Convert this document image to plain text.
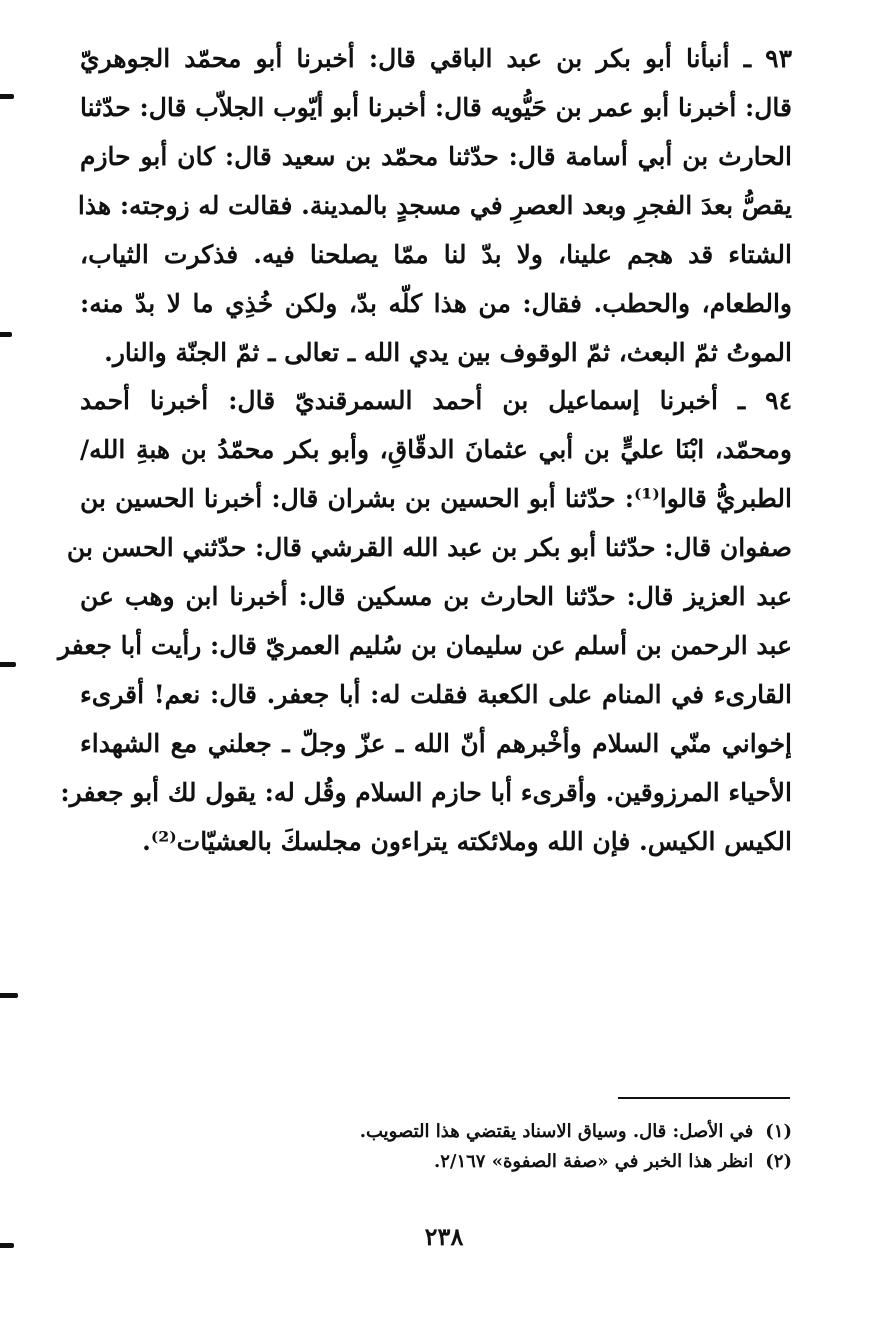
٩٣ ـ أنبأنا أبو بكر بن عبد الباقي قال: أخبرنا أبو محمّد الجوهريّ
قال: أخبرنا أبو عمر بن حَيُّويه قال: أخبرنا أبو أيّوب الجلاّب قال: حدّثنا
الحارث بن أبي أسامة قال: حدّثنا محمّد بن سعيد قال: كان أبو حازم
يقصُّ بعدَ الفجرِ وبعد العصرِ في مسجدٍ بالمدينة. فقالت له زوجته: هذا
الشتاء قد هجم علينا، ولا بدّ لنا ممّا يصلحنا فيه. فذكرت الثياب،
والطعام، والحطب. فقال: من هذا كلّه بدّ، ولكن خُذِي ما لا بدّ منه:
الموتُ ثمّ البعث، ثمّ الوقوف بين يدي الله ـ تعالى ـ ثمّ الجنّة والنار.

٩٤ ـ أخبرنا إسماعيل بن أحمد السمرقنديّ قال: أخبرنا أحمد
ومحمّد، ابْنَا عليٍّ بن أبي عثمانَ الدقّاقِ، وأبو بكر محمّدُ بن هبةِ الله/
الطبريُّ قالوا⁽¹⁾: حدّثنا أبو الحسين بن بشران قال: أخبرنا الحسين بن
صفوان قال: حدّثنا أبو بكر بن عبد الله القرشي قال: حدّثني الحسن بن
عبد العزيز قال: حدّثنا الحارث بن مسكين قال: أخبرنا ابن وهب عن
عبد الرحمن بن أسلم عن سليمان بن سُليم العمريّ قال: رأيت أبا جعفر
القارىء في المنام على الكعبة فقلت له: أبا جعفر. قال: نعم! أقرىء
إخواني منّي السلام وأخْبرهم أنّ الله ـ عزّ وجلّ ـ جعلني مع الشهداء
الأحياء المرزوقين. وأقرىء أبا حازم السلام وقُل له: يقول لك أبو جعفر:
الكيس الكيس. فإن الله وملائكته يتراءون مجلسكَ بالعشيّات⁽²⁾.

(١)في الأصل: قال. وسياق الاسناد يقتضي هذا التصويب.
(٢)انظر هذا الخبر في «صفة الصفوة» ٢/١٦٧.
٢٣٨
